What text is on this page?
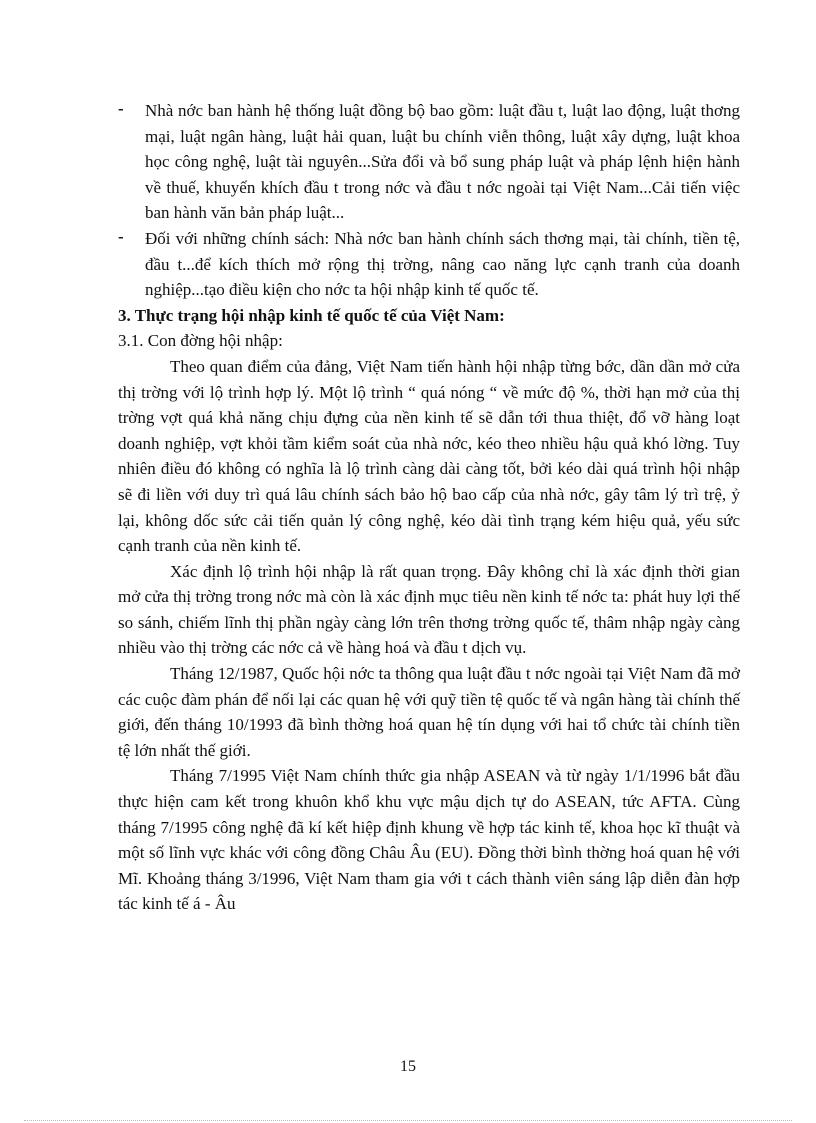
- Nhà nớc ban hành hệ thống luật đồng bộ bao gồm: luật đầu t, luật lao động, luật thơng mại, luật ngân hàng, luật hải quan, luật bu chính viễn thông, luật xây dựng, luật khoa học công nghệ, luật tài nguyên...Sửa đổi và bổ sung pháp luật và pháp lệnh hiện hành về thuế, khuyến khích đầu t trong nớc và đầu t nớc ngoài tại Việt Nam...Cải tiến việc ban hành văn bản pháp luật...

- Đối với những chính sách: Nhà nớc ban hành chính sách thơng mại, tài chính, tiền tệ, đầu t...để kích thích mở rộng thị trờng, nâng cao năng lực cạnh tranh của doanh nghiệp...tạo điều kiện cho nớc ta hội nhập kinh tế quốc tế.

3. Thực trạng hội nhập kinh tế quốc tế của Việt Nam:

3.1. Con đờng hội nhập:

Theo quan điểm của đảng, Việt Nam tiến hành hội nhập từng bớc, dần dần mở cửa thị trờng với lộ trình hợp lý. Một lộ trình “ quá nóng “ về mức độ %, thời hạn mở của thị trờng vợt quá khả năng chịu đựng của nền kinh tế sẽ dẫn tới thua thiệt, đổ vỡ hàng loạt doanh nghiệp, vợt khỏi tầm kiểm soát của nhà nớc, kéo theo nhiều hậu quả khó lờng. Tuy nhiên điều đó không có nghĩa là lộ trình càng dài càng tốt, bởi kéo dài quá trình hội nhập sẽ đi liền với duy trì quá lâu chính sách bảo hộ bao cấp của nhà nớc, gây tâm lý trì trệ, ỷ lại, không dốc sức cải tiến quản lý công nghệ, kéo dài tình trạng kém hiệu quả, yếu sức cạnh tranh của nền kinh tế.

Xác định lộ trình hội nhập là rất quan trọng. Đây không chỉ là xác định thời gian mở cửa thị trờng trong nớc mà còn là xác định mục tiêu nền kinh tế nớc ta: phát huy lợi thế so sánh, chiếm lĩnh thị phần ngày càng lớn trên thơng trờng quốc tế, thâm nhập ngày càng nhiều vào thị trờng các nớc cả về hàng hoá và đầu t dịch vụ.

Tháng 12/1987, Quốc hội nớc ta thông qua luật đầu t nớc ngoài tại Việt Nam đã mở các cuộc đàm phán để nối lại các quan hệ với quỹ tiền tệ quốc tế và ngân hàng tài chính thế giới, đến tháng 10/1993 đã bình thờng hoá quan hệ tín dụng với hai tổ chức tài chính tiền tệ lớn nhất thế giới.

Tháng 7/1995 Việt Nam chính thức gia nhập ASEAN và từ ngày 1/1/1996 bắt đầu thực hiện cam kết trong khuôn khổ khu vực mậu dịch tự do ASEAN, tức AFTA. Cùng tháng 7/1995 công nghệ đã kí kết hiệp định khung về hợp tác kinh tế, khoa học kĩ thuật và một số lĩnh vực khác với công đồng Châu Âu (EU). Đồng thời bình thờng hoá quan hệ với Mĩ. Khoảng tháng 3/1996, Việt Nam tham gia với t cách thành viên sáng lập diễn đàn hợp tác kinh tế á - Âu

15
